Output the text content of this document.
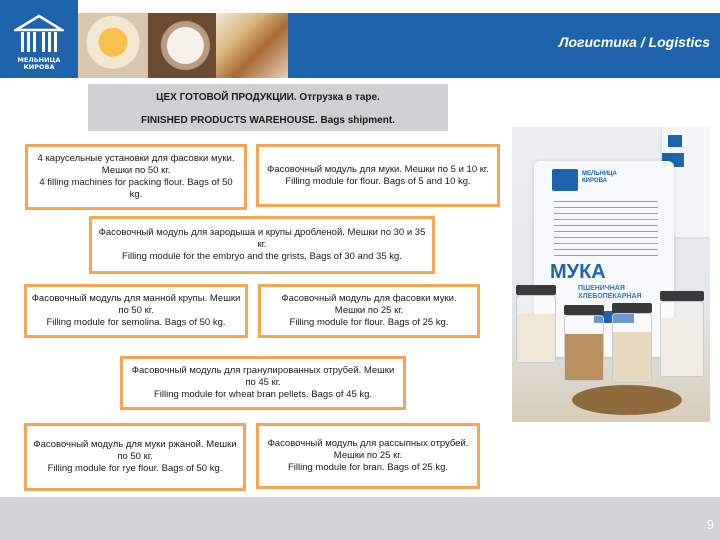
МЕЛЬНИЦА
КИРОВА
Логистика / Logistics
ЦЕХ ГОТОВОЙ ПРОДУКЦИИ. Отгрузка в таре.
FINISHED PRODUCTS WAREHOUSE. Bags shipment.
4 карусельные установки для фасовки муки. Мешки по 50 кг.
4 filling machines for packing flour. Bags of 50 kg.
Фасовочный модуль для муки. Мешки по 5 и 10 кг.
Filling module for flour. Bags of 5 and 10 kg.
Фасовочный модуль для зародыша и крупы дробленой. Мешки по 30 и 35 кг.
Filling module for the embryo and the grists. Bags of 30 and 35 kg.
Фасовочный модуль для манной крупы. Мешки по 50 кг.
Filling module for semolina. Bags of 50 kg.
Фасовочный модуль для фасовки муки. Мешки по 25 кг.
Filling module for flour. Bags of 25 kg.
Фасовочный модуль для гранулированных отрубей. Мешки по 45 кг.
Filling module for wheat bran pellets. Bags of 45 kg.
Фасовочный модуль для муки ржаной. Мешки по 50 кг.
Filling module for rye flour. Bags of 50 kg.
Фасовочный модуль для рассыпных отрубей. Мешки по 25 кг.
Filling module for bran. Bags of 25 kg.
МЕЛЬНИЦА
КИРОВА
МУКА
ПШЕНИЧНАЯ
ХЛЕБОПЕКАРНАЯ
9
